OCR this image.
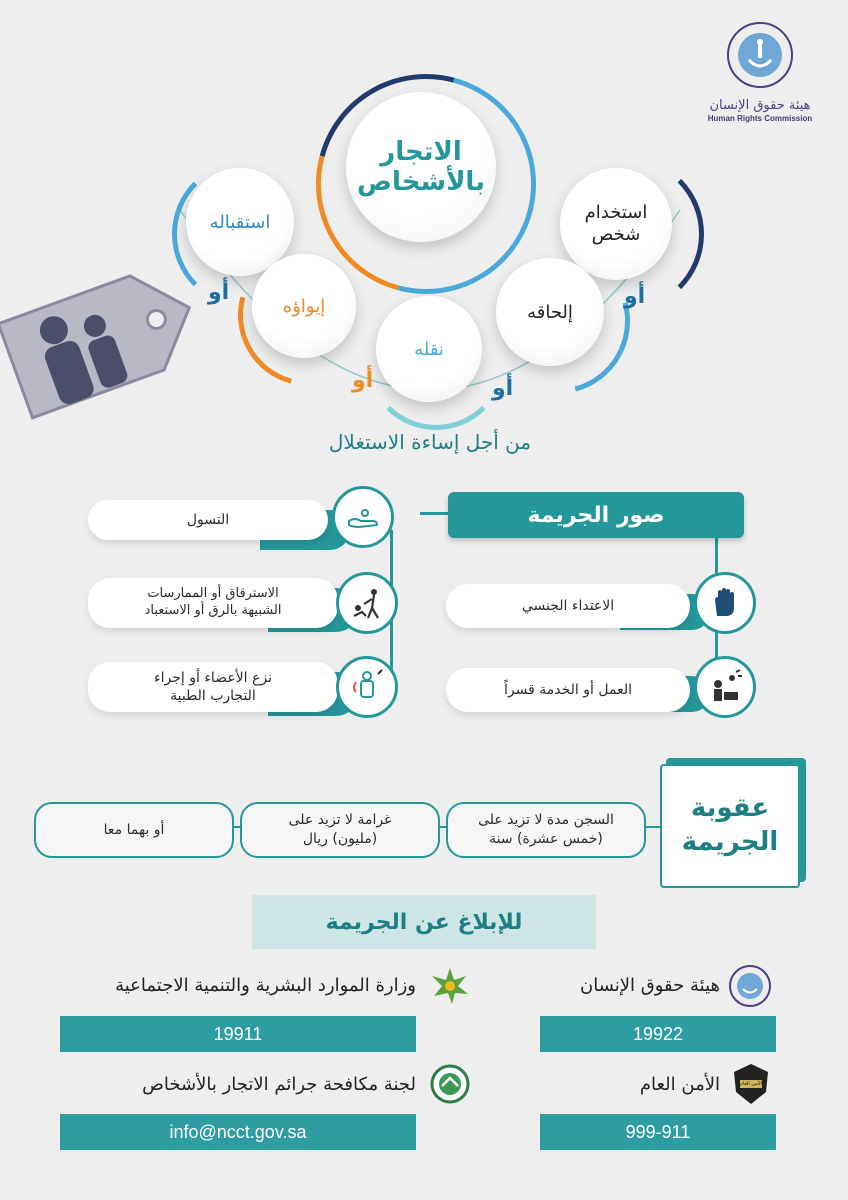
هيئة حقوق الإنسان
Human Rights Commission
الاتجار
بالأشخاص
استقباله	استخدام
شخص
إيواؤه	إلحاقه
نقله
أو	أو
أو	أو
من أجل إساءة الاستغلال
صور الجريمة
التسول
الاسترقاق أو الممارسات
الشبيهة بالرق أو الاستعباد
نزع الأعضاء أو إجراء
التجارب الطبية
الاعتداء الجنسي
العمل أو الخدمة قسراً
عقوبة
الجريمة
السجن مدة لا تزيد على
(خمس عشرة) سنة
غرامة لا تزيد على
(مليون) ريال
أو بهما معا
للإبلاغ عن الجريمة
هيئة حقوق الإنسان
19922
وزارة الموارد البشرية والتنمية الاجتماعية
19911
الأمن العام	الأمن العام
999-911
لجنة مكافحة جرائم الاتجار بالأشخاص
info@ncct.gov.sa
